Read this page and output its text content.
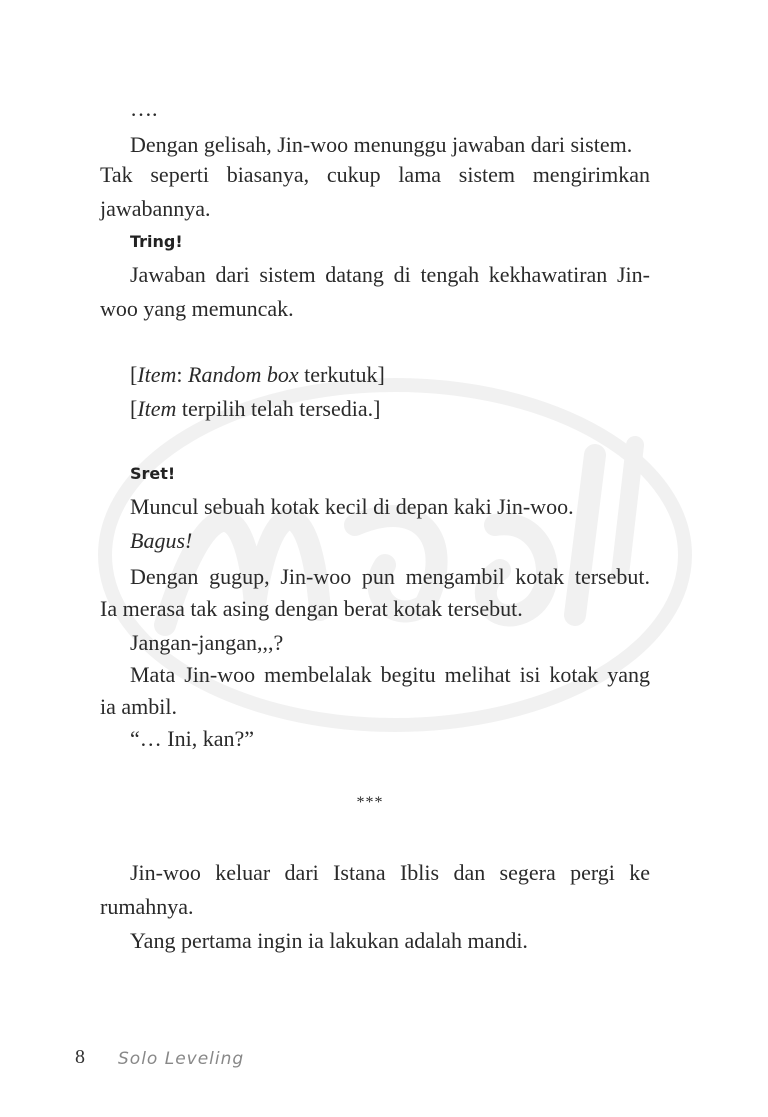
….
Dengan gelisah, Jin-woo menunggu jawaban dari sistem.
Tak seperti biasanya, cukup lama sistem mengirimkan
jawabannya.
Tring!
Jawaban dari sistem datang di tengah kekhawatiran Jin-
woo yang memuncak.
[Item: Random box terkutuk]
[Item terpilih telah tersedia.]
Sret!
Muncul sebuah kotak kecil di depan kaki Jin-woo.
Bagus!
Dengan gugup, Jin-woo pun mengambil kotak tersebut.
Ia merasa tak asing dengan berat kotak tersebut.
Jangan-jangan,,,?
Mata Jin-woo membelalak begitu melihat isi kotak yang
ia ambil.
“… Ini, kan?”
***
Jin-woo keluar dari Istana Iblis dan segera pergi ke
rumahnya.
Yang pertama ingin ia lakukan adalah mandi.
8 Solo Leveling
